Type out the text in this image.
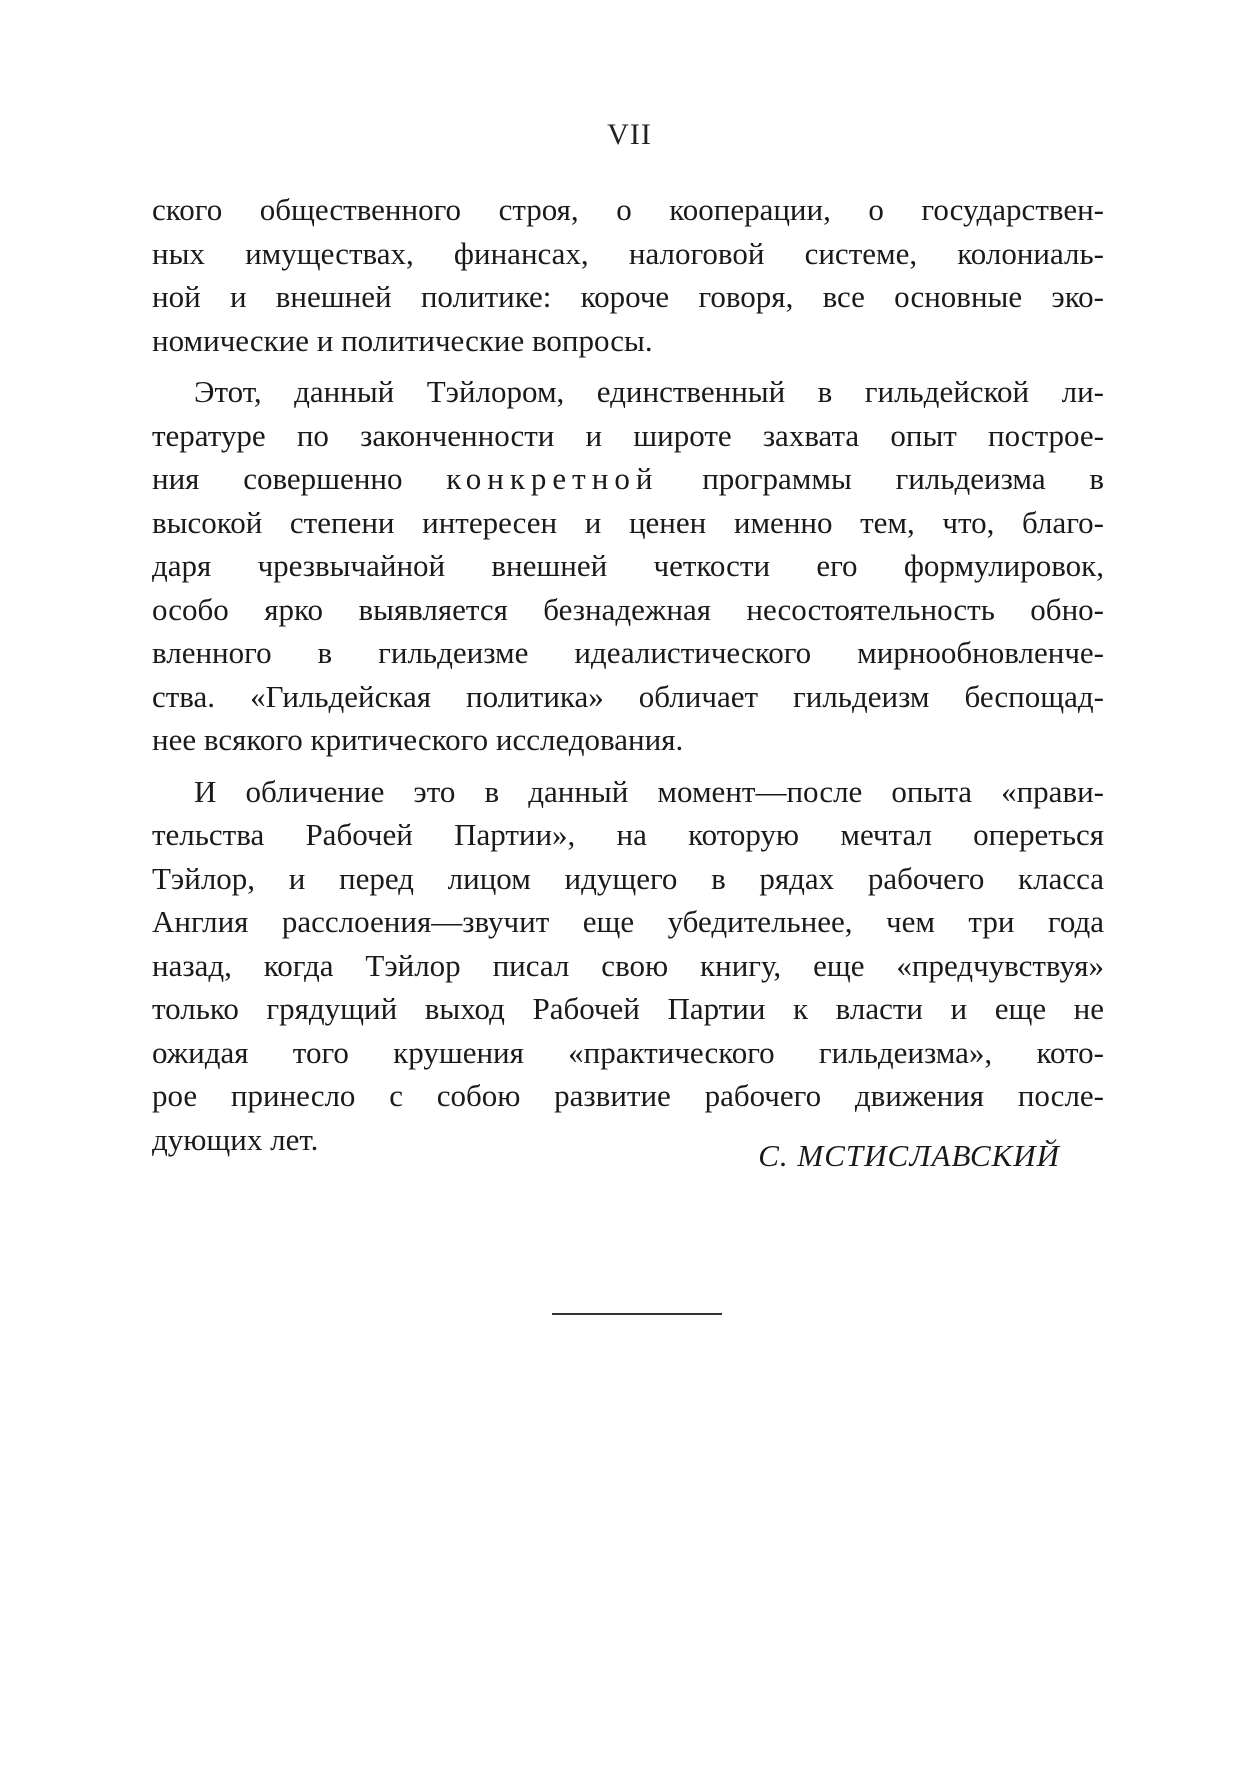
VII
ского общественного строя, о кооперации, о государствен-
ных имуществах, финансах, налоговой системе, колониаль-
ной и внешней политике: короче говоря, все основные эко-
номические и политические вопросы.
Этот, данный Тэйлором, единственный в гильдейской ли-
тературе по законченности и широте захвата опыт построе-
ния совершенно конкретной программы гильдеизма в
высокой степени интересен и ценен именно тем, что, благо-
даря чрезвычайной внешней четкости его формулировок,
особо ярко выявляется безнадежная несостоятельность обно-
вленного в гильдеизме идеалистического мирнообновленче-
ства. «Гильдейская политика» обличает гильдеизм беспощад-
нее всякого критического исследования.
И обличение это в данный момент—после опыта «прави-
тельства Рабочей Партии», на которую мечтал опереться
Тэйлор, и перед лицом идущего в рядах рабочего класса
Англия расслоения—звучит еще убедительнее, чем три года
назад, когда Тэйлор писал свою книгу, еще «предчувствуя»
только грядущий выход Рабочей Партии к власти и еще не
ожидая того крушения «практического гильдеизма», кото-
рое принесло с собою развитие рабочего движения после-
дующих лет.	С. МСТИСЛАВСКИЙ
